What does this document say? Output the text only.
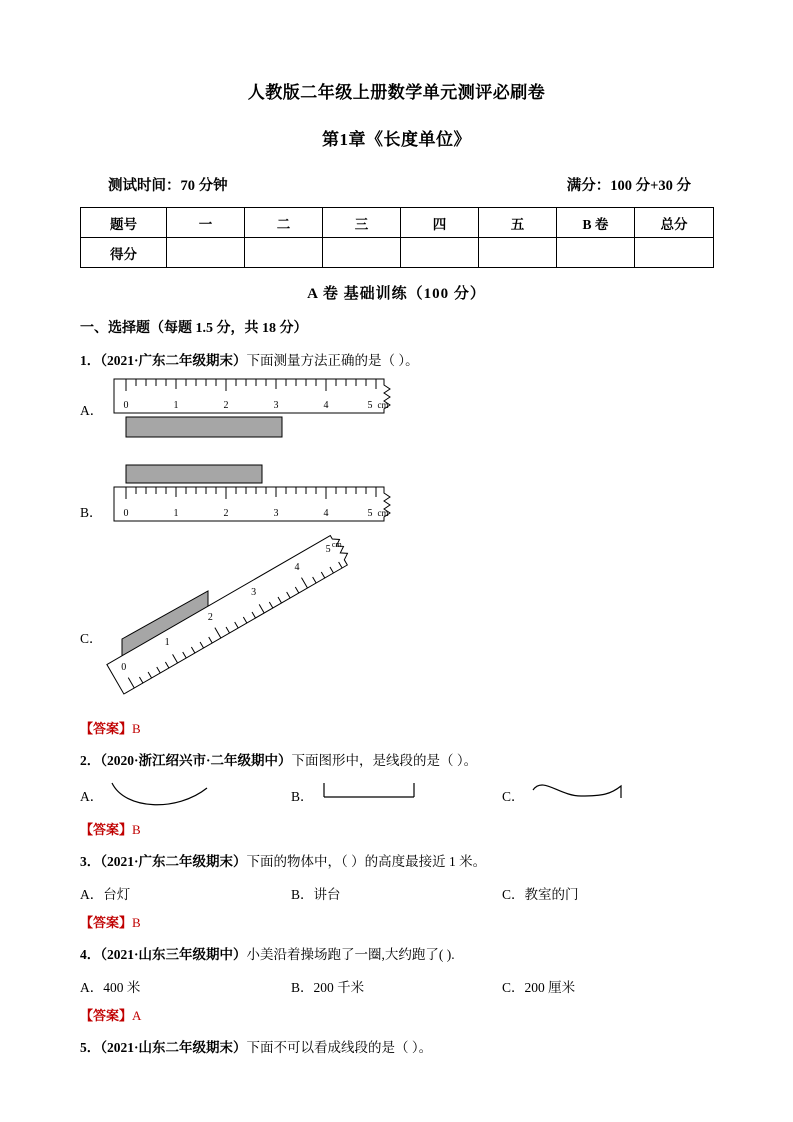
人教版二年级上册数学单元测评必刷卷
第1章《长度单位》
测试时间：70 分钟	满分：100 分+30 分
题号	一	二	三	四	五	B 卷	总分
得分							
A 卷 基础训练（100 分）
一、选择题（每题 1.5 分，共 18 分）
1．（2021·广东二年级期末）下面测量方法正确的是（ ）。
A． 0	1	2	3	4	5 cm
B． 0	1	2	3	4	5 cm
C．
0
1
2
3
4
5 cm
【答案】B
2．（2020·浙江绍兴市·二年级期中）下面图形中，是线段的是（ ）。
A．	B．	C．
【答案】B
3．（2021·广东二年级期末）下面的物体中，（ ）的高度最接近 1 米。
A．台灯	B．讲台	C．教室的门
【答案】B
4．（2021·山东三年级期中）小美沿着操场跑了一圈,大约跑了( ).
A．400 米	B．200 千米	C．200 厘米
【答案】A
5．（2021·山东二年级期末）下面不可以看成线段的是（ ）。
